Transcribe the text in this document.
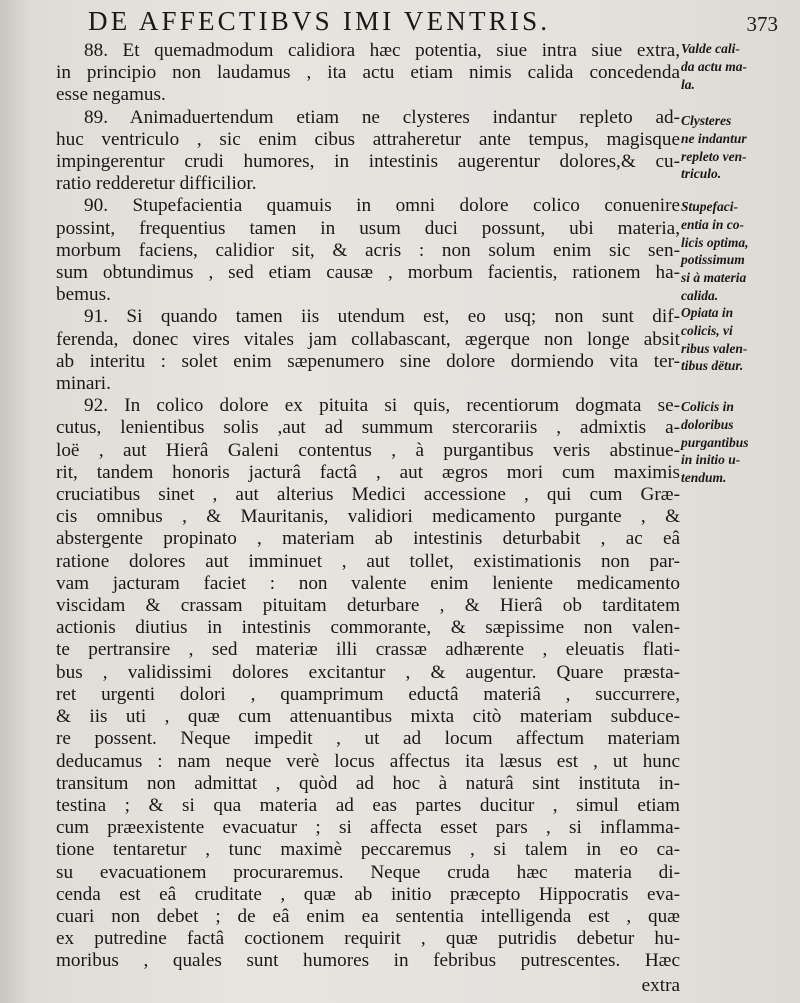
DE AFFECTIBVS IMI VENTRIS.	373
88. Et quemadmodum calidiora hæc potentia, siue intra siue extra,
in principio non laudamus , ita actu etiam nimis calida concedenda
esse negamus.
89. Animaduertendum etiam ne clysteres indantur repleto ad-
huc ventriculo , sic enim cibus attraheretur ante tempus, magisque
impingerentur crudi humores, in intestinis augerentur dolores,& cu-
ratio redderetur difficilior.
90. Stupefacientia quamuis in omni dolore colico conuenire
possint, frequentius tamen in usum duci possunt, ubi materia,
morbum faciens, calidior sit, & acris : non solum enim sic sen-
sum obtundimus , sed etiam causæ , morbum facientis, rationem ha-
bemus.
91. Si quando tamen iis utendum est, eo usq; non sunt dif-
ferenda, donec vires vitales jam collabascant, ægerque non longe absit
ab interitu : solet enim sæpenumero sine dolore dormiendo vita ter-
minari.
92. In colico dolore ex pituita si quis, recentiorum dogmata se-
cutus, lenientibus solis ,aut ad summum stercorariis , admixtis a-
loë , aut Hierâ Galeni contentus , à purgantibus veris abstinue-
rit, tandem honoris jacturâ factâ , aut ægros mori cum maximis
cruciatibus sinet , aut alterius Medici accessione , qui cum Græ-
cis omnibus , & Mauritanis, validiori medicamento purgante , &
abstergente propinato , materiam ab intestinis deturbabit , ac eâ
ratione dolores aut imminuet , aut tollet, existimationis non par-
vam jacturam faciet : non valente enim leniente medicamento
viscidam & crassam pituitam deturbare , & Hierâ ob tarditatem
actionis diutius in intestinis commorante, & sæpissime non valen-
te pertransire , sed materiæ illi crassæ adhærente , eleuatis flati-
bus , validissimi dolores excitantur , & augentur. Quare præsta-
ret urgenti dolori , quamprimum eductâ materiâ , succurrere,
& iis uti , quæ cum attenuantibus mixta citò materiam subduce-
re possent. Neque impedit , ut ad locum affectum materiam
deducamus : nam neque verè locus affectus ita læsus est , ut hunc
transitum non admittat , quòd ad hoc à naturâ sint instituta in-
testina ; & si qua materia ad eas partes ducitur , simul etiam
cum præexistente evacuatur ; si affecta esset pars , si inflamma-
tione tentaretur , tunc maximè peccaremus , si talem in eo ca-
su evacuationem procuraremus. Neque cruda hæc materia di-
cenda est eâ cruditate , quæ ab initio præcepto Hippocratis eva-
cuari non debet ; de eâ enim ea sententia intelligenda est , quæ
ex putredine factâ coctionem requirit , quæ putridis debetur hu-
moribus , quales sunt humores in febribus putrescentes. Hæc
extra
Valde cali-
da actu ma-
la.
Clysteres
ne indantur
repleto ven-
triculo.
Stupefaci-
entia in co-
licis optima,
potissimum
si à materia
calida.
Opiata in
colicis, vi
ribus valen-
tibus dëtur.
Colicis in
doloribus
purgantibus
in initio u-
tendum.
